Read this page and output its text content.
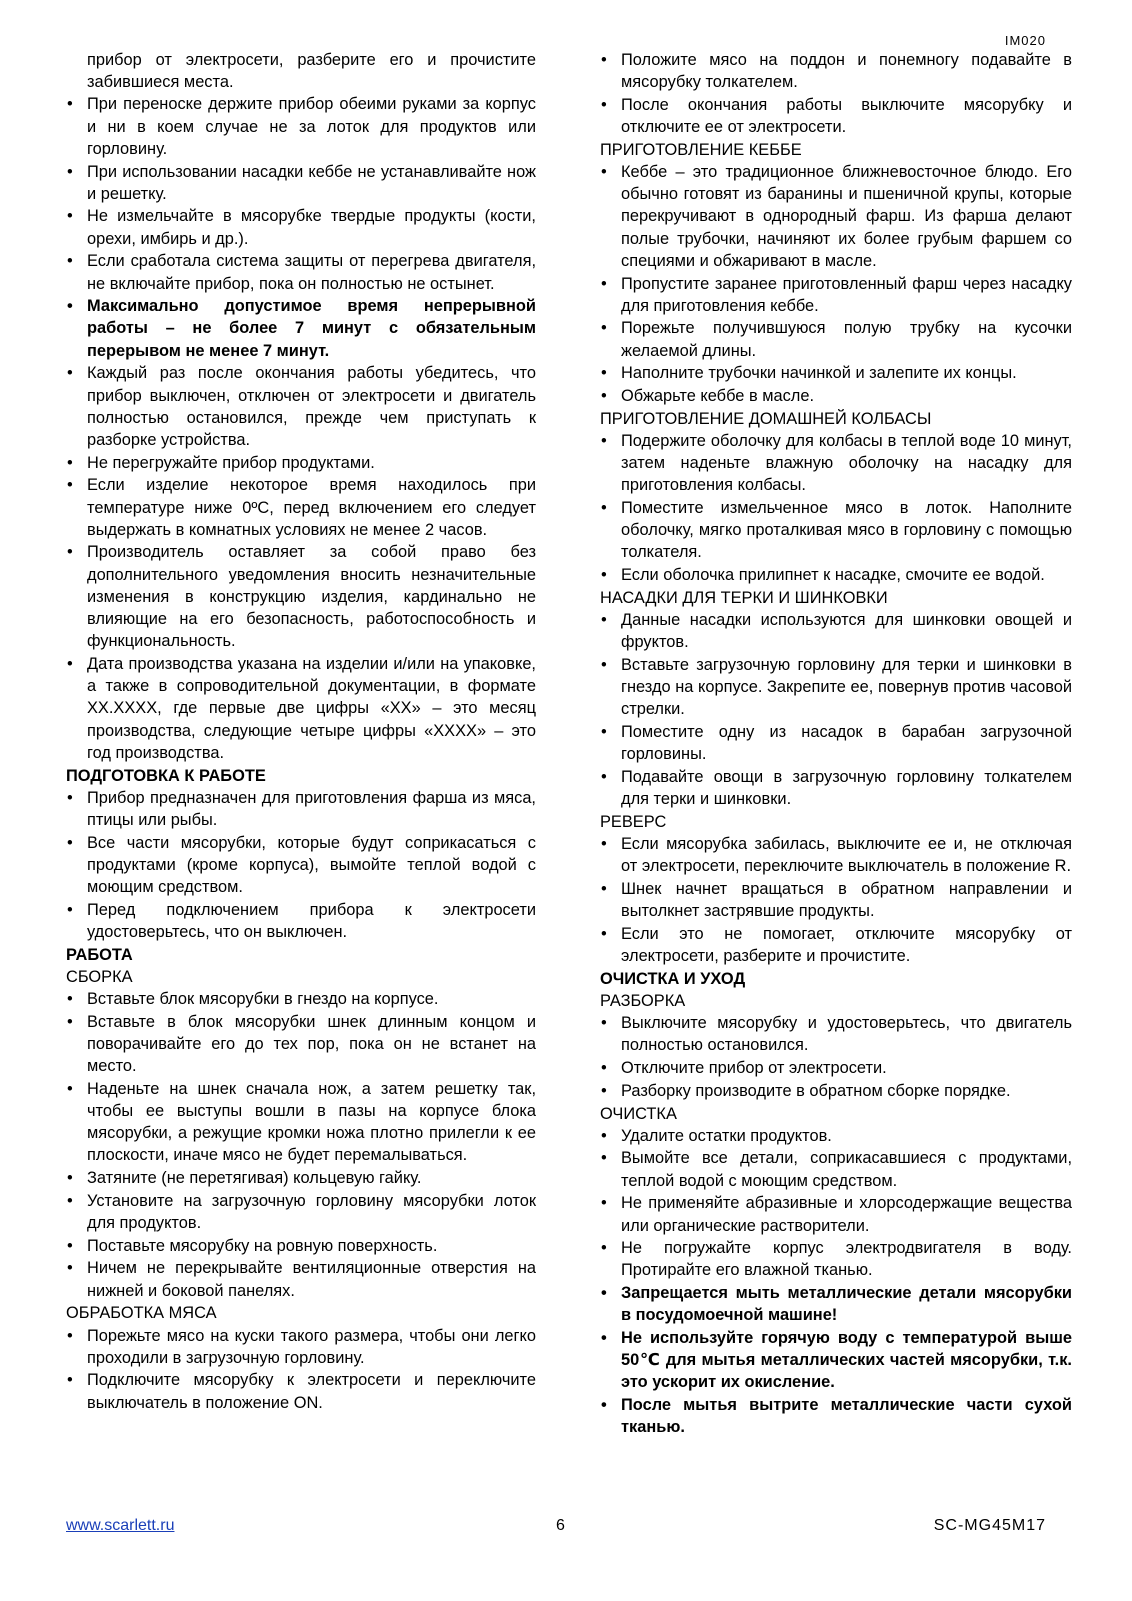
IM020
прибор от электросети, разберите его и прочистите забившиеся места.
• При переноске держите прибор обеими руками за корпус и ни в коем случае не за лоток для продуктов или горловину.
• При использовании насадки кеббе не устанавливайте нож и решетку.
• Не измельчайте в мясорубке твердые продукты (кости, орехи, имбирь и др.).
• Если сработала система защиты от перегрева двигателя, не включайте прибор, пока он полностью не остынет.
• Максимально допустимое время непрерывной работы – не более 7 минут с обязательным перерывом не менее 7 минут.
• Каждый раз после окончания работы убедитесь, что прибор выключен, отключен от электросети и двигатель полностью остановился, прежде чем приступать к разборке устройства.
• Не перегружайте прибор продуктами.
• Если изделие некоторое время находилось при температуре ниже 0ºC, перед включением его следует выдержать в комнатных условиях не менее 2 часов.
• Производитель оставляет за собой право без дополнительного уведомления вносить незначительные изменения в конструкцию изделия, кардинально не влияющие на его безопасность, работоспособность и функциональность.
• Дата производства указана на изделии и/или на упаковке, а также в сопроводительной документации, в формате XX.XXXX, где первые две цифры «XX» – это месяц производства, следующие четыре цифры «XXXX» – это год производства.
ПОДГОТОВКА К РАБОТЕ
• Прибор предназначен для приготовления фарша из мяса, птицы или рыбы.
• Все части мясорубки, которые будут соприкасаться с продуктами (кроме корпуса), вымойте теплой водой с моющим средством.
• Перед подключением прибора к электросети удостоверьтесь, что он выключен.
РАБОТА
СБОРКА
• Вставьте блок мясорубки в гнездо на корпусе.
• Вставьте в блок мясорубки шнек длинным концом и поворачивайте его до тех пор, пока он не встанет на место.
• Наденьте на шнек сначала нож, а затем решетку так, чтобы ее выступы вошли в пазы на корпусе блока мясорубки, а режущие кромки ножа плотно прилегли к ее плоскости, иначе мясо не будет перемалываться.
• Затяните (не перетягивая) кольцевую гайку.
• Установите на загрузочную горловину мясорубки лоток для продуктов.
• Поставьте мясорубку на ровную поверхность.
• Ничем не перекрывайте вентиляционные отверстия на нижней и боковой панелях.
ОБРАБОТКА МЯСА
• Порежьте мясо на куски такого размера, чтобы они легко проходили в загрузочную горловину.
• Подключите мясорубку к электросети и переключите выключатель в положение ON.
• Положите мясо на поддон и понемногу подавайте в мясорубку толкателем.
• После окончания работы выключите мясорубку и отключите ее от электросети.
ПРИГОТОВЛЕНИЕ КЕББЕ
• Кеббе – это традиционное ближневосточное блюдо. Его обычно готовят из баранины и пшеничной крупы, которые перекручивают в однородный фарш. Из фарша делают полые трубочки, начиняют их более грубым фаршем со специями и обжаривают в масле.
• Пропустите заранее приготовленный фарш через насадку для приготовления кеббе.
• Порежьте получившуюся полую трубку на кусочки желаемой длины.
• Наполните трубочки начинкой и залепите их концы.
• Обжарьте кеббе в масле.
ПРИГОТОВЛЕНИЕ ДОМАШНЕЙ КОЛБАСЫ
• Подержите оболочку для колбасы в теплой воде 10 минут, затем наденьте влажную оболочку на насадку для приготовления колбасы.
• Поместите измельченное мясо в лоток. Наполните оболочку, мягко проталкивая мясо в горловину с помощью толкателя.
• Если оболочка прилипнет к насадке, смочите ее водой.
НАСАДКИ ДЛЯ ТЕРКИ И ШИНКОВКИ
• Данные насадки используются для шинковки овощей и фруктов.
• Вставьте загрузочную горловину для терки и шинковки в гнездо на корпусе. Закрепите ее, повернув против часовой стрелки.
• Поместите одну из насадок в барабан загрузочной горловины.
• Подавайте овощи в загрузочную горловину толкателем для терки и шинковки.
РЕВЕРС
• Если мясорубка забилась, выключите ее и, не отключая от электросети, переключите выключатель в положение R.
• Шнек начнет вращаться в обратном направлении и вытолкнет застрявшие продукты.
• Если это не помогает, отключите мясорубку от электросети, разберите и прочистите.
ОЧИСТКА И УХОД
РАЗБОРКА
• Выключите мясорубку и удостоверьтесь, что двигатель полностью остановился.
• Отключите прибор от электросети.
• Разборку производите в обратном сборке порядке.
ОЧИСТКА
• Удалите остатки продуктов.
• Вымойте все детали, соприкасавшиеся с продуктами, теплой водой с моющим средством.
• Не применяйте абразивные и хлорсодержащие вещества или органические растворители.
• Не погружайте корпус электродвигателя в воду. Протирайте его влажной тканью.
• Запрещается мыть металлические детали мясорубки в посудомоечной машине!
• Не используйте горячую воду с температурой выше 50℃ для мытья металлических частей мясорубки, т.к. это ускорит их окисление.
• После мытья вытрите металлические части сухой тканью.
www.scarlett.ru	6	SC-MG45M17
